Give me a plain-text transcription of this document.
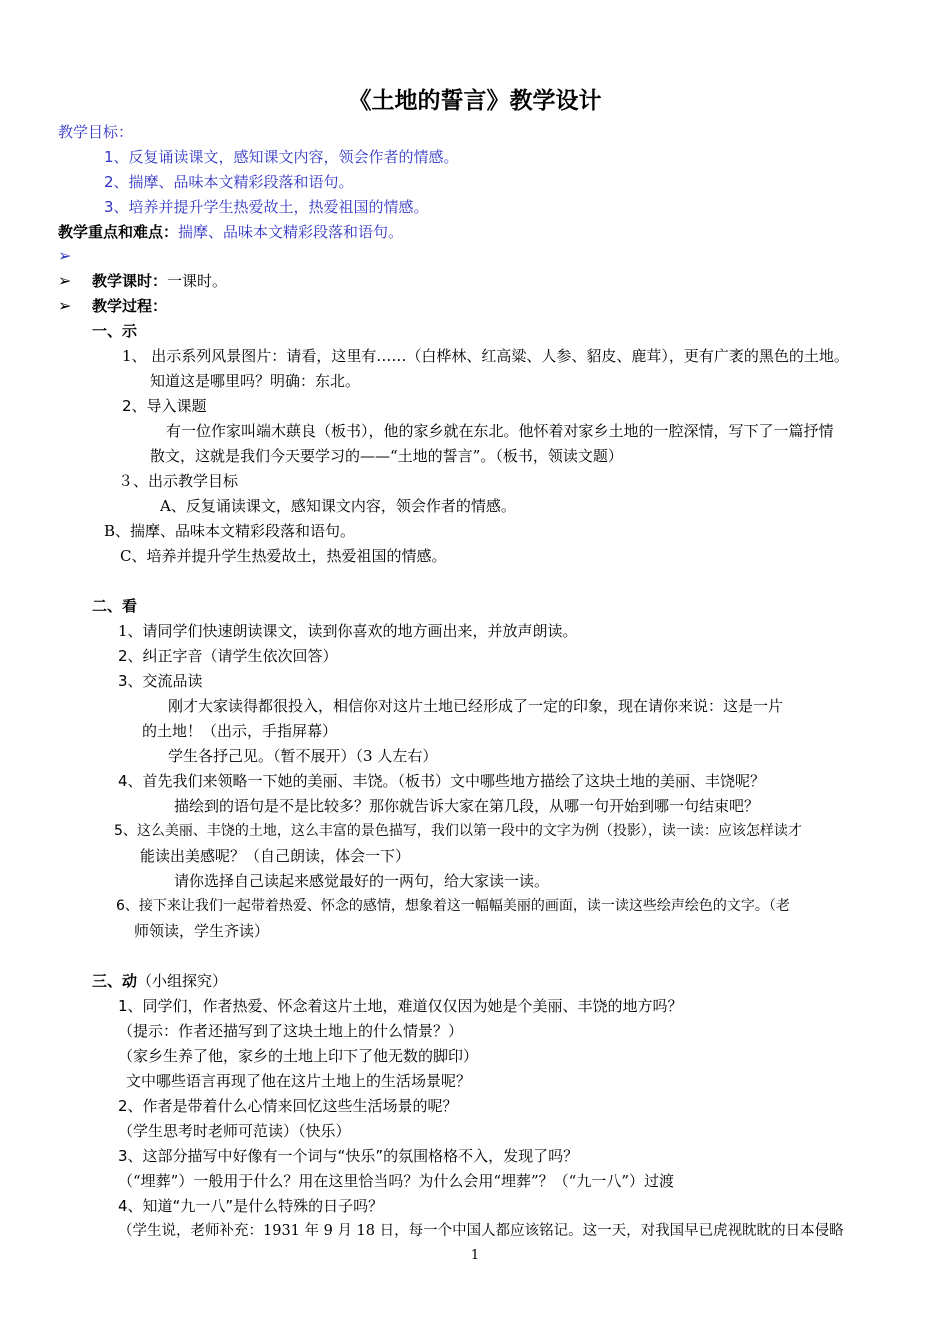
《土地的誓言》教学设计
教学目标：
1、反复诵读课文，感知课文内容，领会作者的情感。
2、揣摩、品味本文精彩段落和语句。
3、培养并提升学生热爱故土，热爱祖国的情感。
教学重点和难点：揣摩、品味本文精彩段落和语句。
➢
➢ 教学课时：一课时。
➢ 教学过程：
一、示
1、 出示系列风景图片：请看，这里有……（白桦林、红高粱、人参、貂皮、鹿茸），更有广袤的黑色的土地。
知道这是哪里吗？明确：东北。
2、导入课题
有一位作家叫端木蕻良（板书），他的家乡就在东北。他怀着对家乡土地的一腔深情，写下了一篇抒情
散文，这就是我们今天要学习的——“土地的誓言”。（板书，领读文题）
３、出示教学目标
A、反复诵读课文，感知课文内容，领会作者的情感。
B、揣摩、品味本文精彩段落和语句。
C、培养并提升学生热爱故土，热爱祖国的情感。
二、看
1、请同学们快速朗读课文，读到你喜欢的地方画出来，并放声朗读。
2、纠正字音（请学生依次回答）
3、交流品读
刚才大家读得都很投入，相信你对这片土地已经形成了一定的印象，现在请你来说：这是一片
的土地！（出示，手指屏幕）
学生各抒己见。（暂不展开）（3 人左右）
4、首先我们来领略一下她的美丽、丰饶。（板书）文中哪些地方描绘了这块土地的美丽、丰饶呢？
描绘到的语句是不是比较多？那你就告诉大家在第几段，从哪一句开始到哪一句结束吧？
5、这么美丽、丰饶的土地，这么丰富的景色描写，我们以第一段中的文字为例（投影），读一读：应该怎样读才
能读出美感呢？（自己朗读，体会一下）
请你选择自己读起来感觉最好的一两句，给大家读一读。
6、接下来让我们一起带着热爱、怀念的感情，想象着这一幅幅美丽的画面，读一读这些绘声绘色的文字。（老
师领读，学生齐读）
三、动（小组探究）
1、同学们，作者热爱、怀念着这片土地，难道仅仅因为她是个美丽、丰饶的地方吗？
（提示：作者还描写到了这块土地上的什么情景？）
（家乡生养了他，家乡的土地上印下了他无数的脚印）
文中哪些语言再现了他在这片土地上的生活场景呢？
2、作者是带着什么心情来回忆这些生活场景的呢？
（学生思考时老师可范读）（快乐）
3、这部分描写中好像有一个词与“快乐”的氛围格格不入，发现了吗？
（“埋葬”）一般用于什么？用在这里恰当吗？为什么会用“埋葬”？（“九一八”）过渡
4、知道“九一八”是什么特殊的日子吗？
（学生说，老师补充：1931 年 9 月 18 日，每一个中国人都应该铭记。这一天，对我国早已虎视眈眈的日本侵略
1
